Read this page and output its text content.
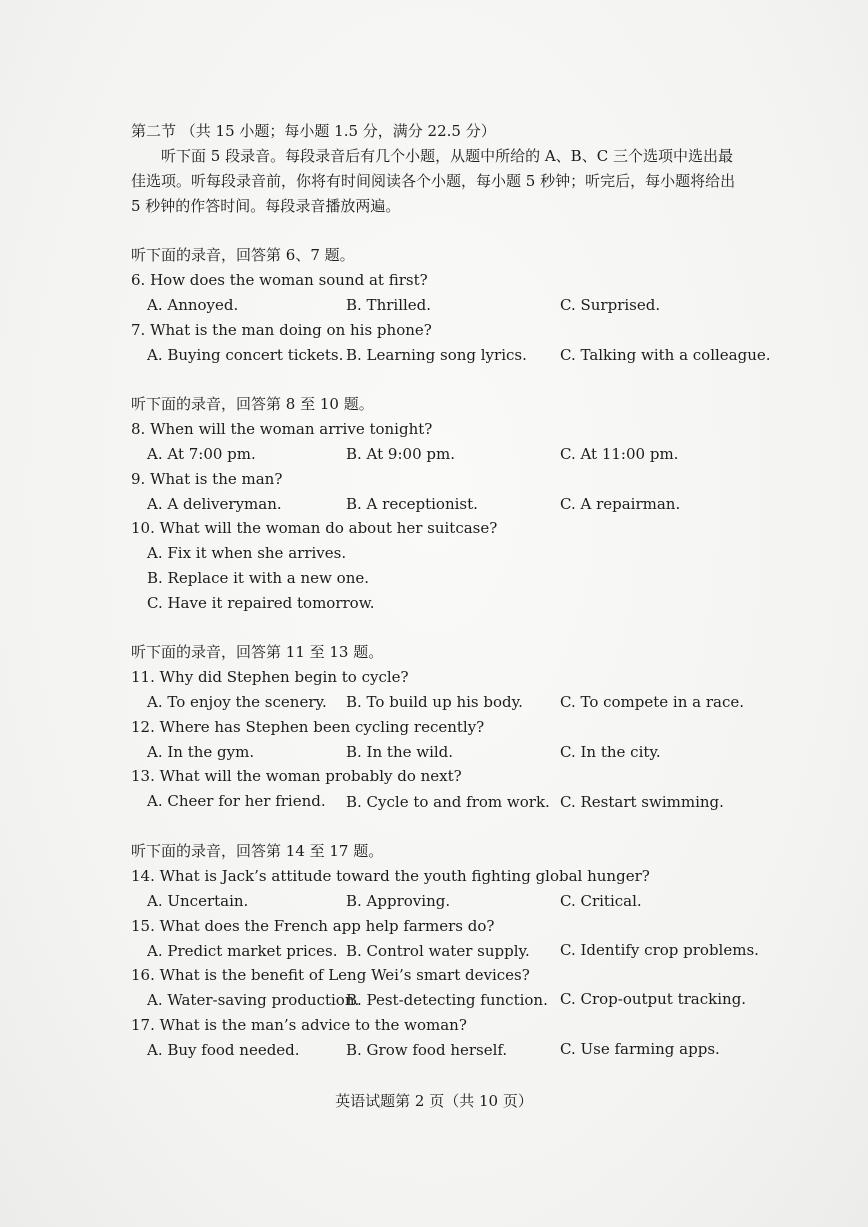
第二节 （共 15 小题；每小题 1.5 分，满分 22.5 分）
　　听下面 5 段录音。每段录音后有几个小题，从题中所给的 A、B、C 三个选项中选出最
佳选项。听每段录音前，你将有时间阅读各个小题，每小题 5 秒钟；听完后，每小题将给出
5 秒钟的作答时间。每段录音播放两遍。
听下面的录音，回答第 6、7 题。
6. How does the woman sound at first?
A. Annoyed.	B. Thrilled.	C. Surprised.
7. What is the man doing on his phone?
A. Buying concert tickets. B. Learning song lyrics. C. Talking with a colleague.
听下面的录音，回答第 8 至 10 题。
8. When will the woman arrive tonight?
A. At 7:00 pm.	B. At 9:00 pm.	C. At 11:00 pm.
9. What is the man?
A. A deliveryman.	B. A receptionist.	C. A repairman.
10. What will the woman do about her suitcase?
A. Fix it when she arrives.
B. Replace it with a new one.
C. Have it repaired tomorrow.
听下面的录音，回答第 11 至 13 题。
11. Why did Stephen begin to cycle?
A. To enjoy the scenery. B. To build up his body. C. To compete in a race.
12. Where has Stephen been cycling recently?
A. In the gym.	B. In the wild.	C. In the city.
13. What will the woman probably do next?
A. Cheer for her friend. B. Cycle to and from work. C. Restart swimming.
听下面的录音，回答第 14 至 17 题。
14. What is Jack’s attitude toward the youth fighting global hunger?
A. Uncertain.	B. Approving.	C. Critical.
15. What does the French app help farmers do?
A. Predict market prices. B. Control water supply. C. Identify crop problems.
16. What is the benefit of Leng Wei’s smart devices?
A. Water-saving production.
B. Pest-detecting function. C. Crop-output tracking.
17. What is the man’s advice to the woman?
A. Buy food needed.	B. Grow food herself.	C. Use farming apps.
英语试题第 2 页（共 10 页）
